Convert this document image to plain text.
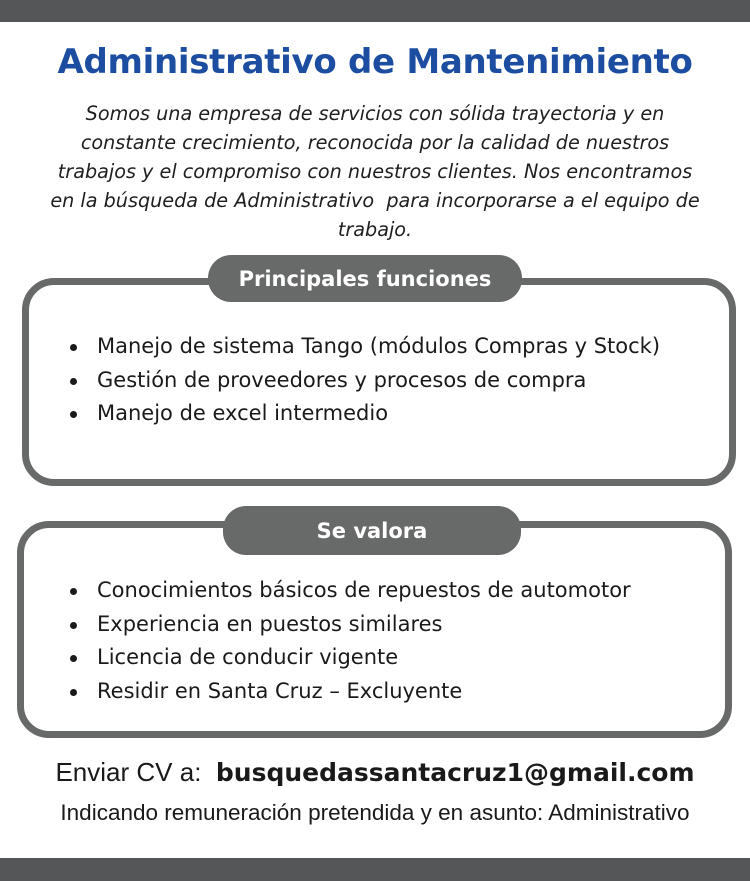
Administrativo de Mantenimiento
Somos una empresa de servicios con sólida trayectoria y en
constante crecimiento, reconocida por la calidad de nuestros
trabajos y el compromiso con nuestros clientes. Nos encontramos
en la búsqueda de Administrativo  para incorporarse a el equipo de
trabajo.
Principales funciones
Manejo de sistema Tango (módulos Compras y Stock)
Gestión de proveedores y procesos de compra
Manejo de excel intermedio
Se valora
Conocimientos básicos de repuestos de automotor
Experiencia en puestos similares
Licencia de conducir vigente
Residir en Santa Cruz – Excluyente
Enviar CV a: busquedassantacruz1@gmail.com
Indicando remuneración pretendida y en asunto: Administrativo
